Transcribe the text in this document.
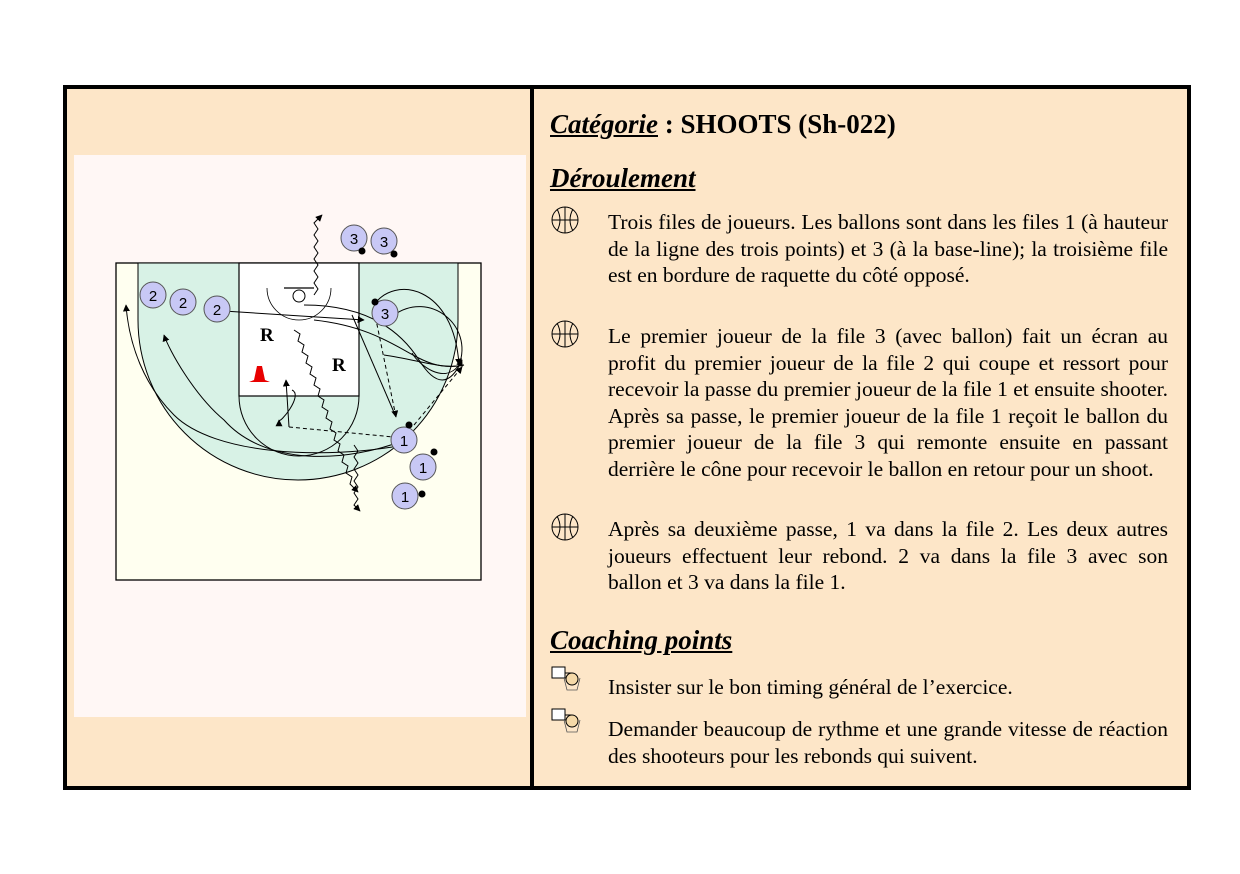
R
R
3 3
3
2 2 2
1
1
1
Catégorie : SHOOTS (Sh-022)
Déroulement
Trois files de joueurs. Les ballons sont dans les files 1 (à hauteur de la ligne des trois points) et 3 (à la base-line); la troisième file est en bordure de raquette du côté opposé.
Le premier joueur de la file 3 (avec ballon) fait un écran au profit du premier joueur de la file 2 qui coupe et ressort pour recevoir la passe du premier joueur de la file 1 et ensuite shooter. Après sa passe, le premier joueur de la file 1 reçoit le ballon du premier joueur de la file 3 qui remonte ensuite en passant derrière le cône pour recevoir le ballon en retour pour un shoot.
Après sa deuxième passe, 1 va dans la file 2. Les deux autres joueurs effectuent leur rebond. 2 va dans la file 3 avec son ballon et 3 va dans la file 1.
Coaching points
Insister sur le bon timing général de l’exercice.
Demander beaucoup de rythme et une grande vitesse de réaction des shooteurs pour les rebonds qui suivent.
